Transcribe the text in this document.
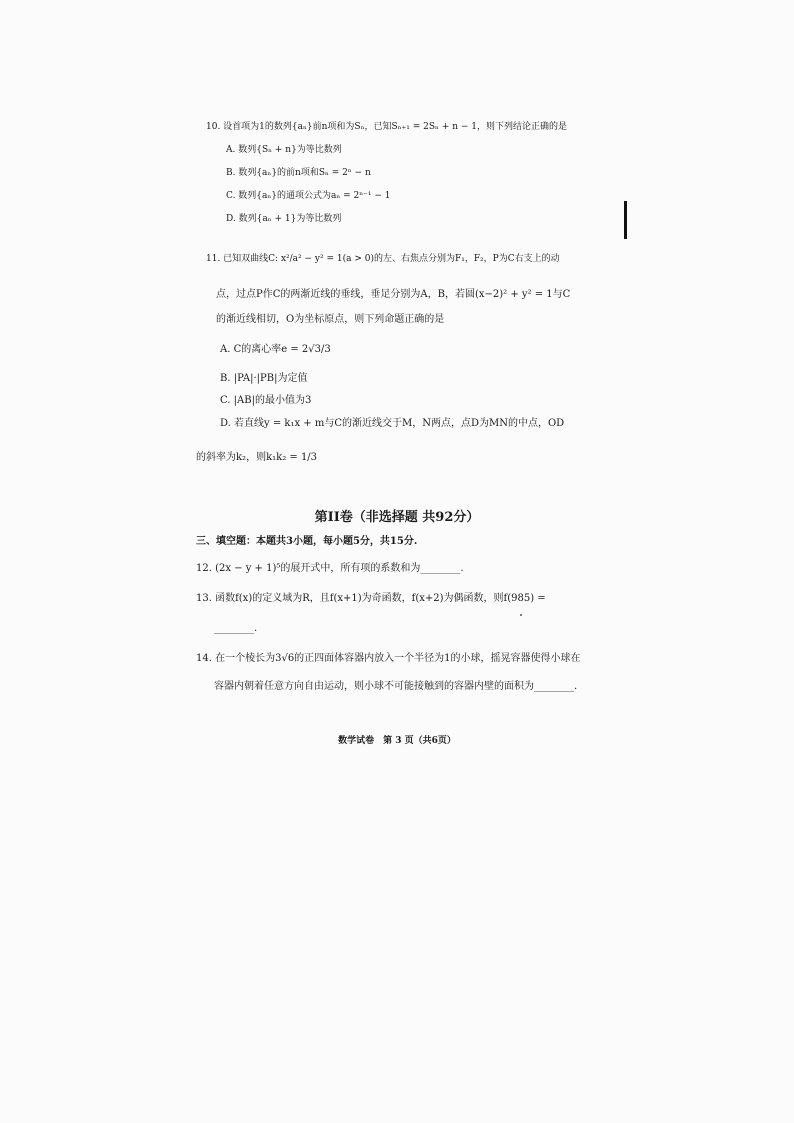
10. 设首项为1的数列{aₙ}前n项和为Sₙ，已知Sₙ₊₁ = 2Sₙ + n − 1，则下列结论正确的是
A. 数列{Sₙ + n}为等比数列
B. 数列{aₙ}的前n项和Sₙ = 2ⁿ − n
C. 数列{aₙ}的通项公式为aₙ = 2ⁿ⁻¹ − 1
D. 数列{aₙ + 1}为等比数列
11. 已知双曲线C: x²/a² − y² = 1(a > 0)的左、右焦点分别为F₁，F₂，P为C右支上的动
点，过点P作C的两渐近线的垂线，垂足分别为A，B，若圆(x−2)² + y² = 1与C
的渐近线相切，O为坐标原点，则下列命题正确的是
A. C的离心率e = 2√3/3
B. |PA|·|PB|为定值
C. |AB|的最小值为3
D. 若直线y = k₁x + m与C的渐近线交于M，N两点，点D为MN的中点，OD
的斜率为k₂，则k₁k₂ = 1/3
第II卷（非选择题 共92分）
三、填空题：本题共3小题，每小题5分，共15分.
12. (2x − y + 1)⁵的展开式中，所有项的系数和为________.
13. 函数f(x)的定义域为R，且f(x+1)为奇函数，f(x+2)为偶函数，则f(985) =
________.
14. 在一个棱长为3√6的正四面体容器内放入一个半径为1的小球，摇晃容器使得小球在
容器内朝着任意方向自由运动，则小球不可能接触到的容器内壁的面积为________.
数学试卷　第 3 页（共6页）
